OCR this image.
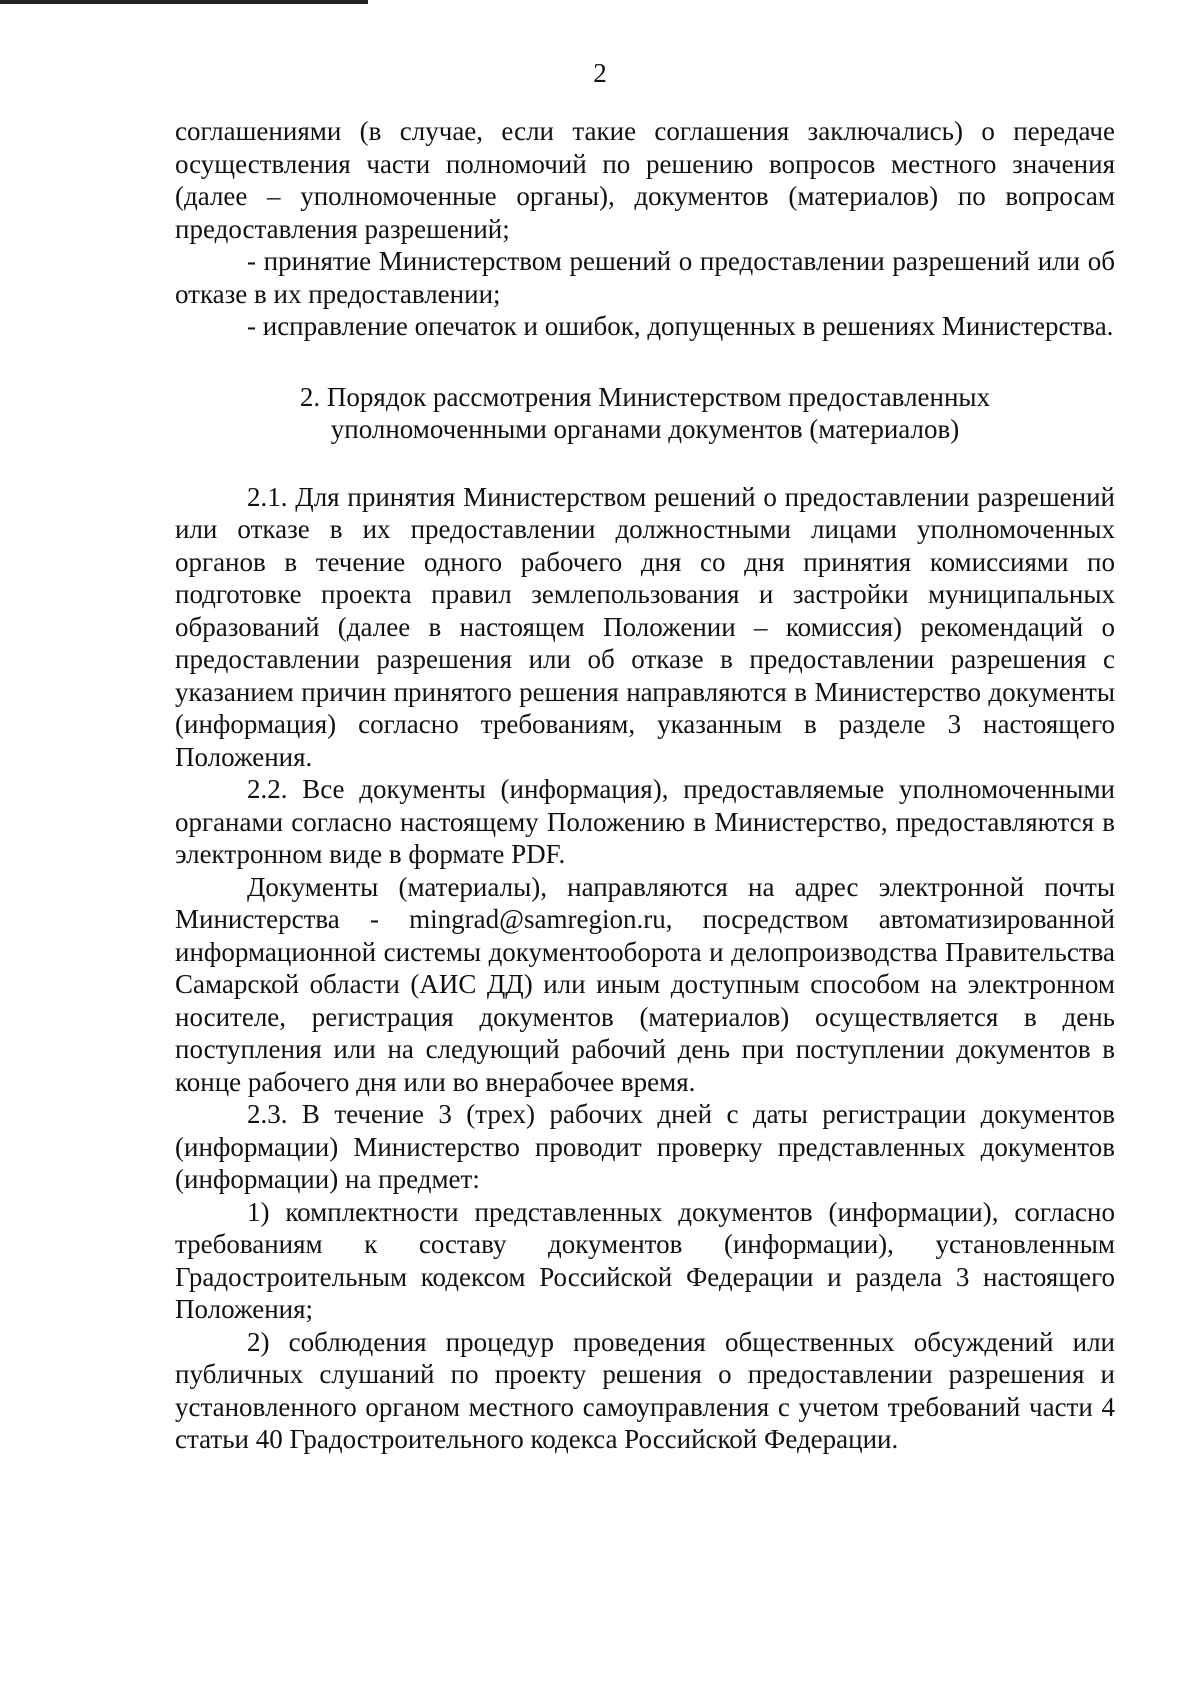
2

соглашениями (в случае, если такие соглашения заключались) о передаче осуществления части полномочий по решению вопросов местного значения (далее – уполномоченные органы), документов (материалов) по вопросам предоставления разрешений;

- принятие Министерством решений о предоставлении разрешений или об отказе в их предоставлении;

- исправление опечаток и ошибок, допущенных в решениях Министерства.

2. Порядок рассмотрения Министерством предоставленных
уполномоченными органами документов (материалов)

2.1. Для принятия Министерством решений о предоставлении разрешений или отказе в их предоставлении должностными лицами уполномоченных органов в течение одного рабочего дня со дня принятия комиссиями по подготовке проекта правил землепользования и застройки муниципальных образований (далее в настоящем Положении – комиссия) рекомендаций о предоставлении разрешения или об отказе в предоставлении разрешения с указанием причин принятого решения направляются в Министерство документы (информация) согласно требованиям, указанным в разделе 3 настоящего Положения.

2.2. Все документы (информация), предоставляемые уполномоченными органами согласно настоящему Положению в Министерство, предоставляются в электронном виде в формате PDF.

Документы (материалы), направляются на адрес электронной почты Министерства - mingrad@samregion.ru, посредством автоматизированной информационной системы документооборота и делопроизводства Правительства Самарской области (АИС ДД) или иным доступным способом на электронном носителе, регистрация документов (материалов) осуществляется в день поступления или на следующий рабочий день при поступлении документов в конце рабочего дня или во внерабочее время.

2.3. В течение 3 (трех) рабочих дней с даты регистрации документов (информации) Министерство проводит проверку представленных документов (информации) на предмет:

1) комплектности представленных документов (информации), согласно требованиям к составу документов (информации), установленным Градостроительным кодексом Российской Федерации и раздела 3 настоящего Положения;

2) соблюдения процедур проведения общественных обсуждений или публичных слушаний по проекту решения о предоставлении разрешения и установленного органом местного самоуправления с учетом требований части 4 статьи 40 Градостроительного кодекса Российской Федерации.
